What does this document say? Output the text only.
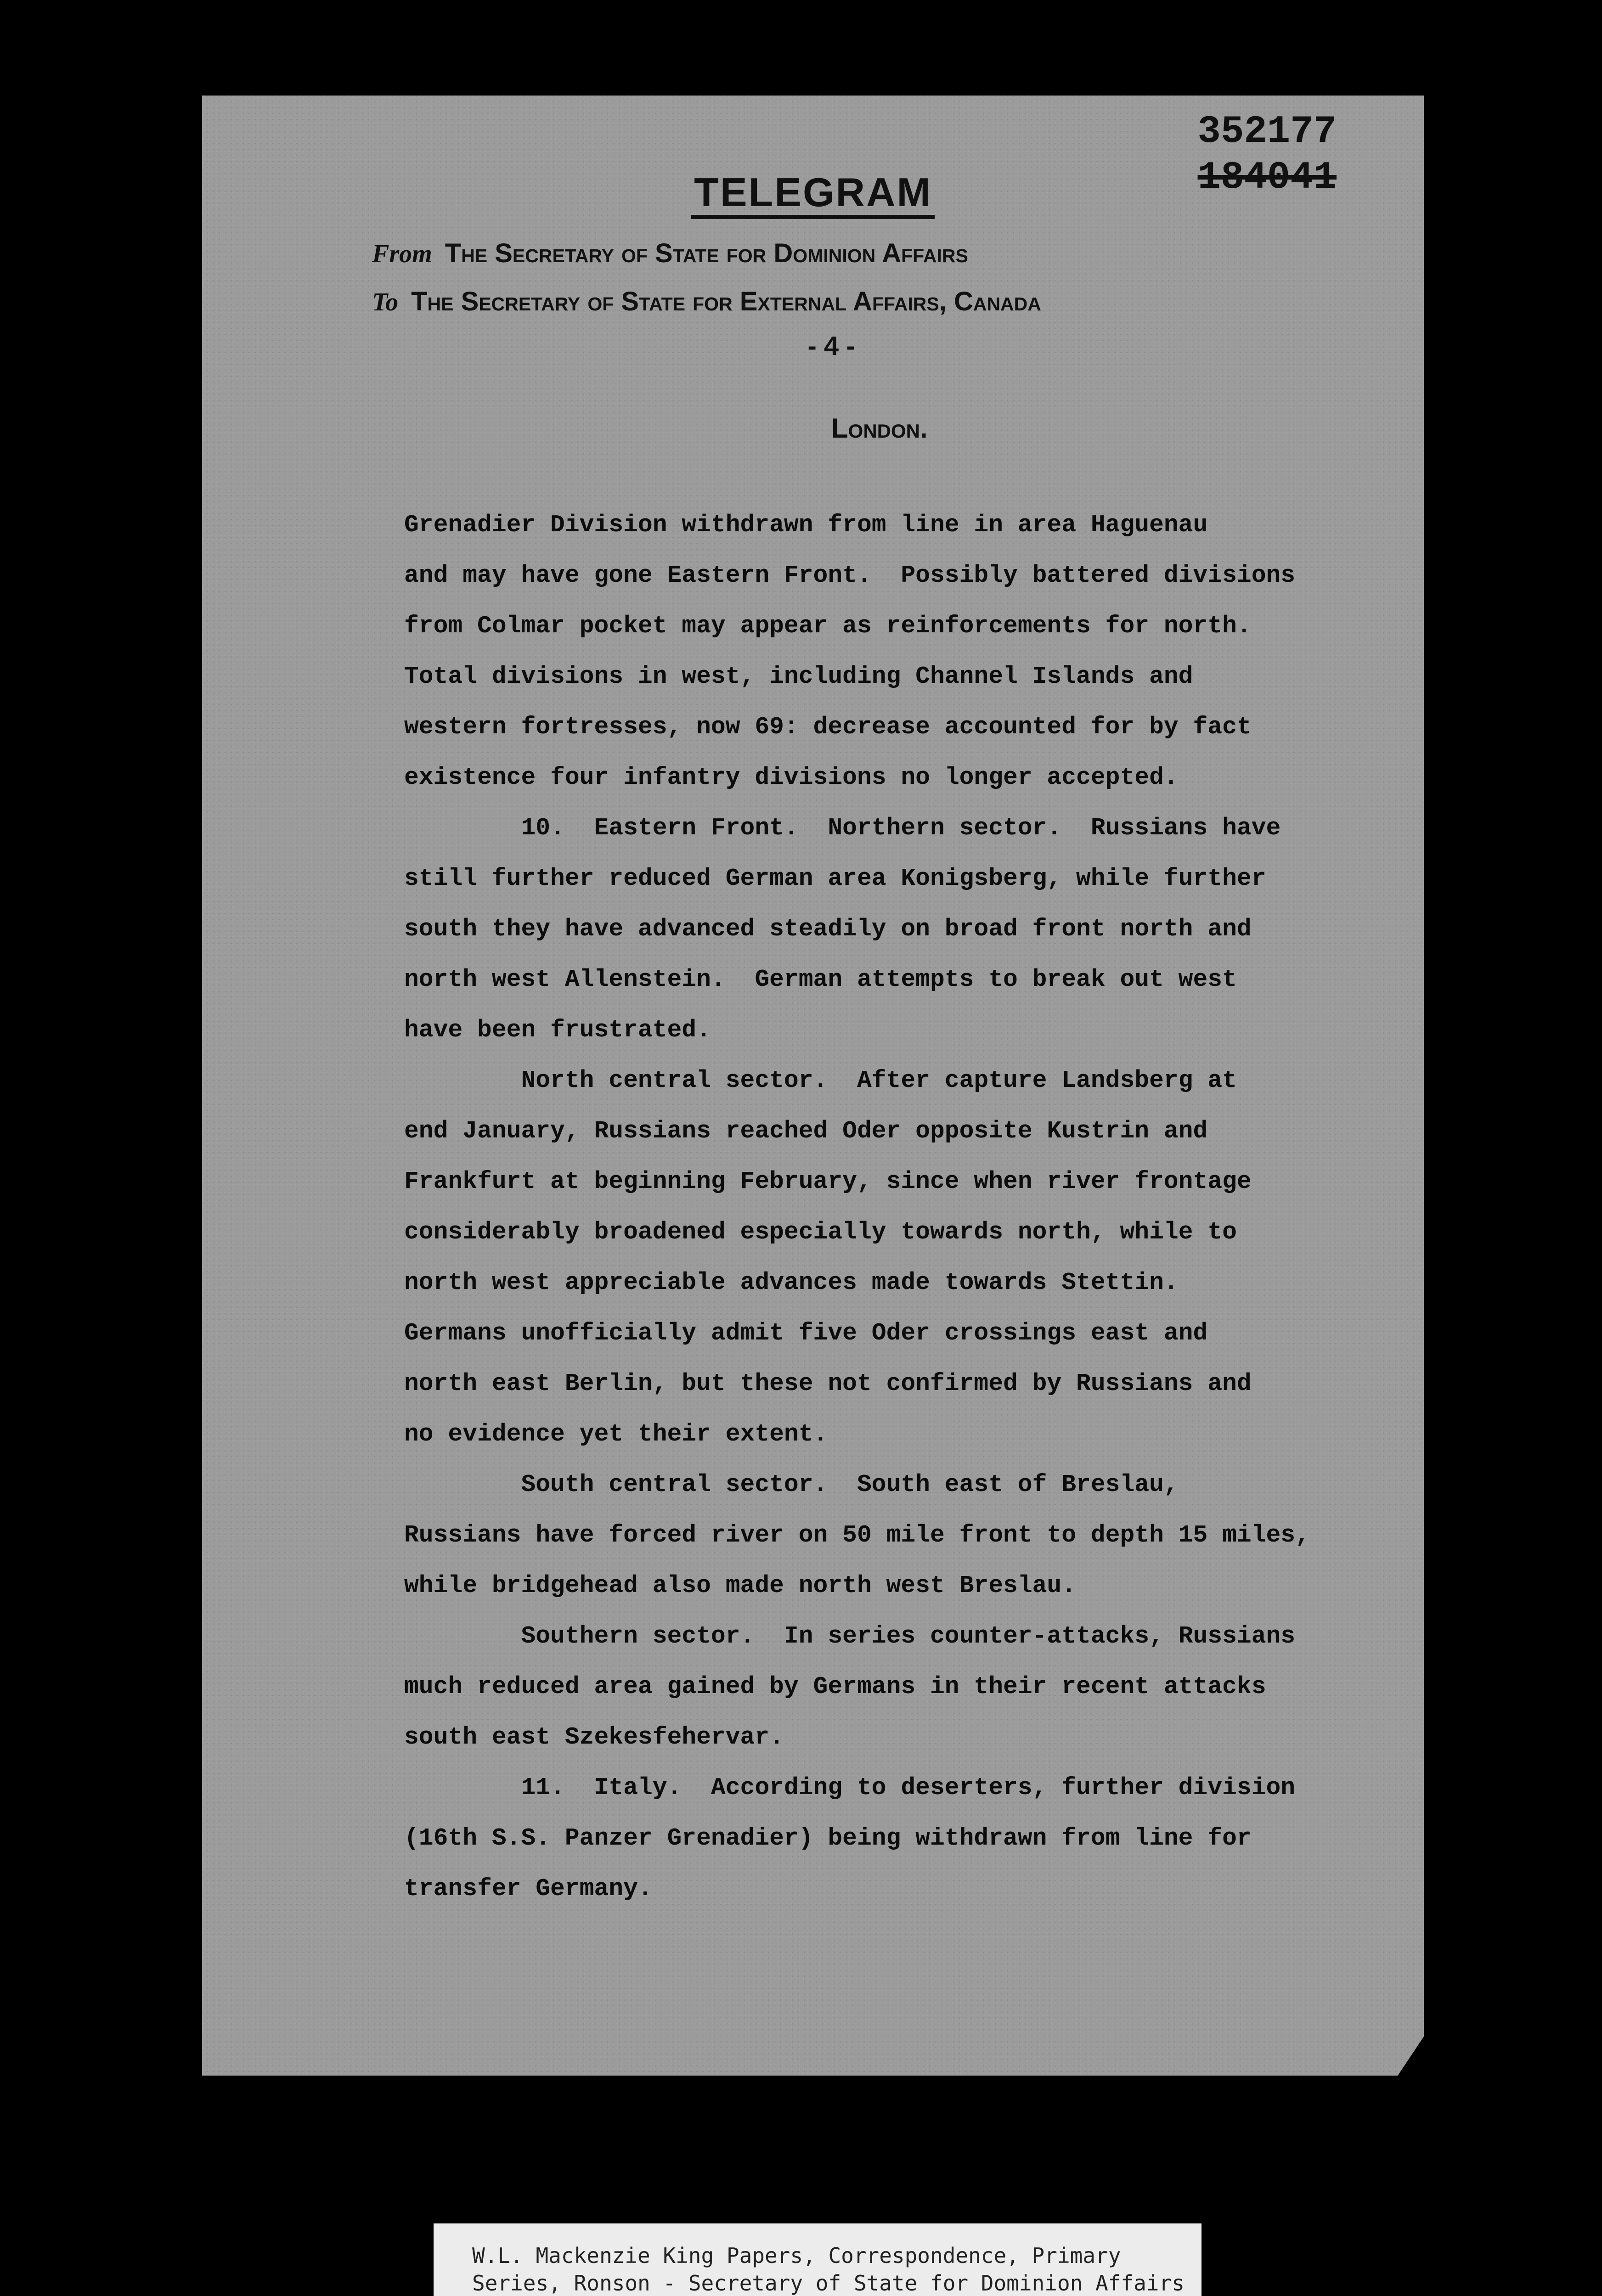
352177
184041
TELEGRAM
From The Secretary of State for Dominion Affairs
To The Secretary of State for External Affairs, Canada
- 4 -
London.
Grenadier Division withdrawn from line in area Haguenau
and may have gone Eastern Front.  Possibly battered divisions
from Colmar pocket may appear as reinforcements for north.
Total divisions in west, including Channel Islands and
western fortresses, now 69: decrease accounted for by fact
existence four infantry divisions no longer accepted.
10.  Eastern Front.  Northern sector.  Russians have
still further reduced German area Konigsberg, while further
south they have advanced steadily on broad front north and
north west Allenstein.  German attempts to break out west
have been frustrated.
North central sector.  After capture Landsberg at
end January, Russians reached Oder opposite Kustrin and
Frankfurt at beginning February, since when river frontage
considerably broadened especially towards north, while to
north west appreciable advances made towards Stettin.
Germans unofficially admit five Oder crossings east and
north east Berlin, but these not confirmed by Russians and
no evidence yet their extent.
South central sector.  South east of Breslau,
Russians have forced river on 50 mile front to depth 15 miles,
while bridgehead also made north west Breslau.
Southern sector.  In series counter-attacks, Russians
much reduced area gained by Germans in their recent attacks
south east Szekesfehervar.
11.  Italy.  According to deserters, further division
(16th S.S. Panzer Grenadier) being withdrawn from line for
transfer Germany.
W.L. Mackenzie King Papers, Correspondence, Primary
Series, Ronson - Secretary of State for Dominion Affairs
